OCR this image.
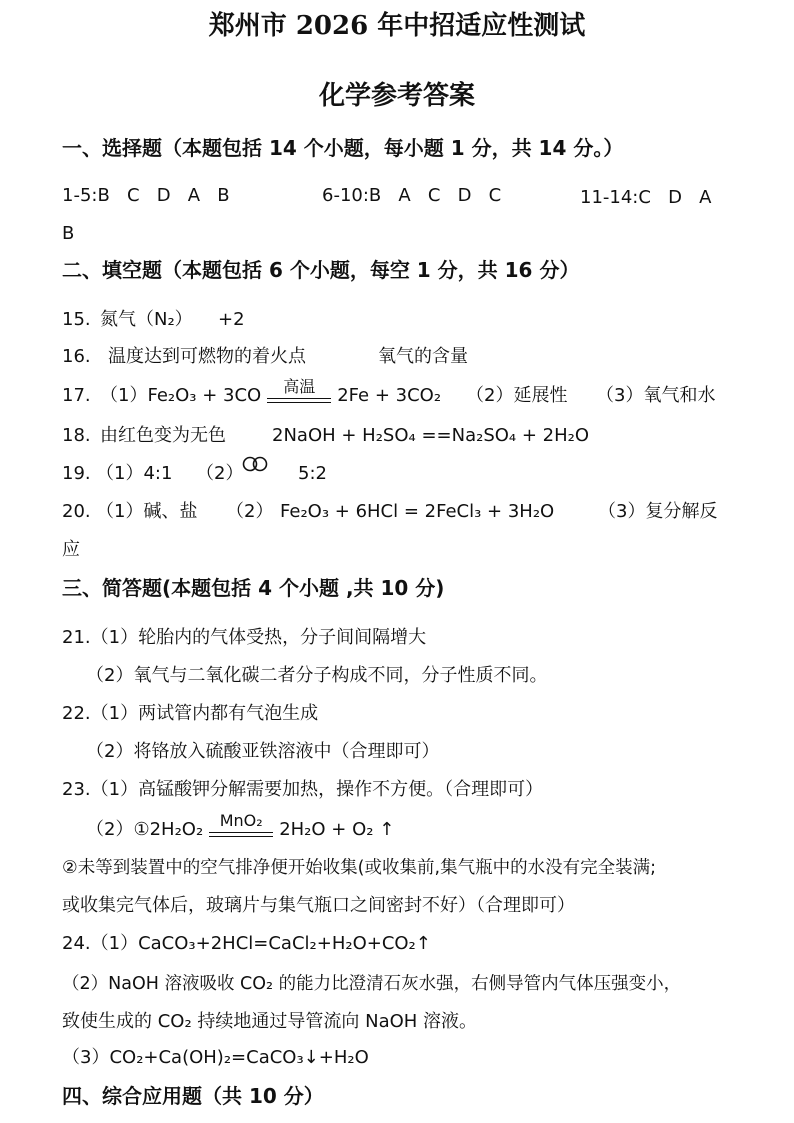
郑州市 2026 年中招适应性测试
化学参考答案
一、选择题（本题包括 14 个小题，每小题 1 分，共 14 分。）
1-5:B   C   D   A   B	6-10:B   A   C   D   C	11-14:C   D   A
B
二、填空题（本题包括 6 个小题，每空 1 分，共 16 分）
15. 氮气（N₂） +2
16. 温度达到可燃物的着火点	氧气的含量
17. （1）Fe₂O₃ + 3CO	高温	2Fe + 3CO₂ （2）延展性 （3）氧气和水
18. 由红色变为无色	2NaOH + H₂SO₄ ==Na₂SO₄ + 2H₂O
19. （1）4:1 （2）	5:2
20. （1）碱、盐 （2） Fe₂O₃ + 6HCl = 2FeCl₃ + 3H₂O （3）复分解反
应
三、简答题(本题包括 4 个小题 ,共 10 分)
21.（1）轮胎内的气体受热，分子间间隔增大
（2）氧气与二氧化碳二者分子构成不同，分子性质不同。
22.（1）两试管内都有气泡生成
（2）将铬放入硫酸亚铁溶液中（合理即可）
23.（1）高锰酸钾分解需要加热，操作不方便。（合理即可）
（2）①2H₂O₂	MnO₂ 2H₂O + O₂ ↑
②未等到装置中的空气排净便开始收集(或收集前,集气瓶中的水没有完全装满;
或收集完气体后，玻璃片与集气瓶口之间密封不好）（合理即可）
24.（1）CaCO₃+2HCl=CaCl₂+H₂O+CO₂↑
（2）NaOH 溶液吸收 CO₂ 的能力比澄清石灰水强，右侧导管内气体压强变小，
致使生成的 CO₂ 持续地通过导管流向 NaOH 溶液。
（3）CO₂+Ca(OH)₂=CaCO₃↓+H₂O
四、综合应用题（共 10 分）
